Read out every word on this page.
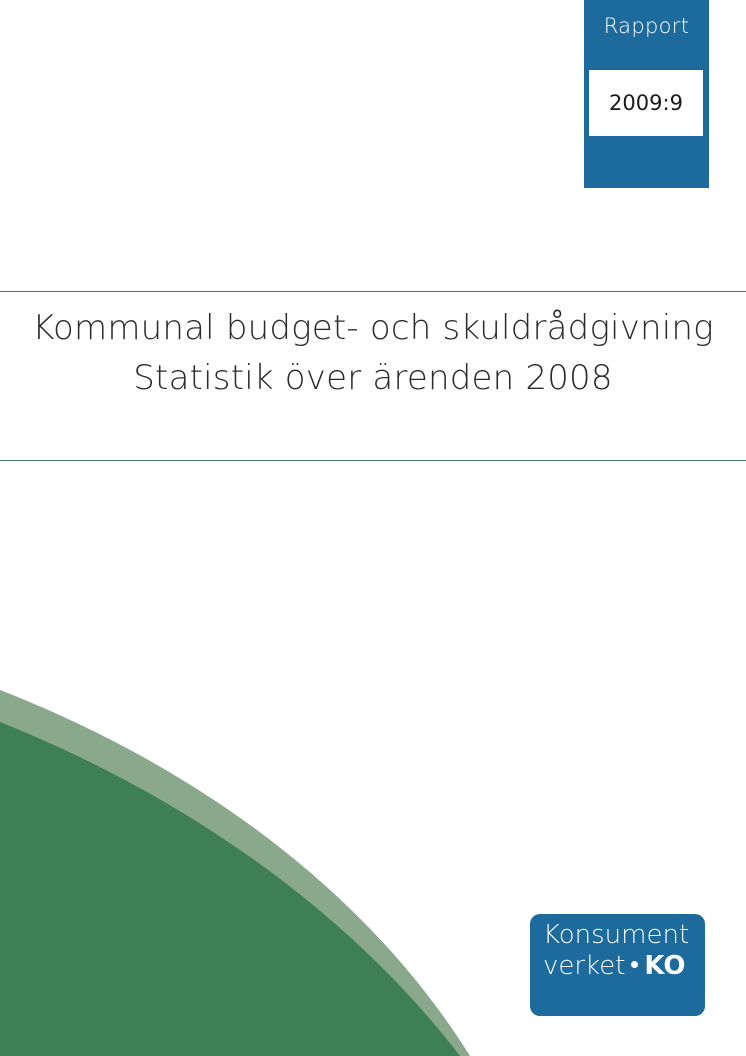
Rapport
2009:9
Kommunal budget- och skuldrådgivning
Statistik över ärenden 2008
Konsument
verket KO
